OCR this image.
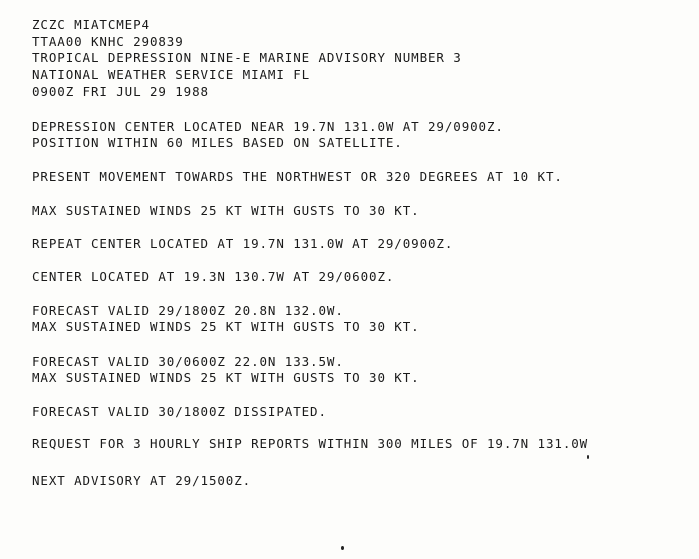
ZCZC MIATCMEP4
TTAA00 KNHC 290839
TROPICAL DEPRESSION NINE-E MARINE ADVISORY NUMBER 3
NATIONAL WEATHER SERVICE MIAMI FL
0900Z FRI JUL 29 1988
DEPRESSION CENTER LOCATED NEAR 19.7N 131.0W AT 29/0900Z.
POSITION WITHIN 60 MILES BASED ON SATELLITE.
PRESENT MOVEMENT TOWARDS THE NORTHWEST OR 320 DEGREES AT 10 KT.
MAX SUSTAINED WINDS 25 KT WITH GUSTS TO 30 KT.
REPEAT CENTER LOCATED AT 19.7N 131.0W AT 29/0900Z.
CENTER LOCATED AT 19.3N 130.7W AT 29/0600Z.
FORECAST VALID 29/1800Z 20.8N 132.0W.
MAX SUSTAINED WINDS 25 KT WITH GUSTS TO 30 KT.
FORECAST VALID 30/0600Z 22.0N 133.5W.
MAX SUSTAINED WINDS 25 KT WITH GUSTS TO 30 KT.
FORECAST VALID 30/1800Z DISSIPATED.
REQUEST FOR 3 HOURLY SHIP REPORTS WITHIN 300 MILES OF 19.7N 131.0W
NEXT ADVISORY AT 29/1500Z.
